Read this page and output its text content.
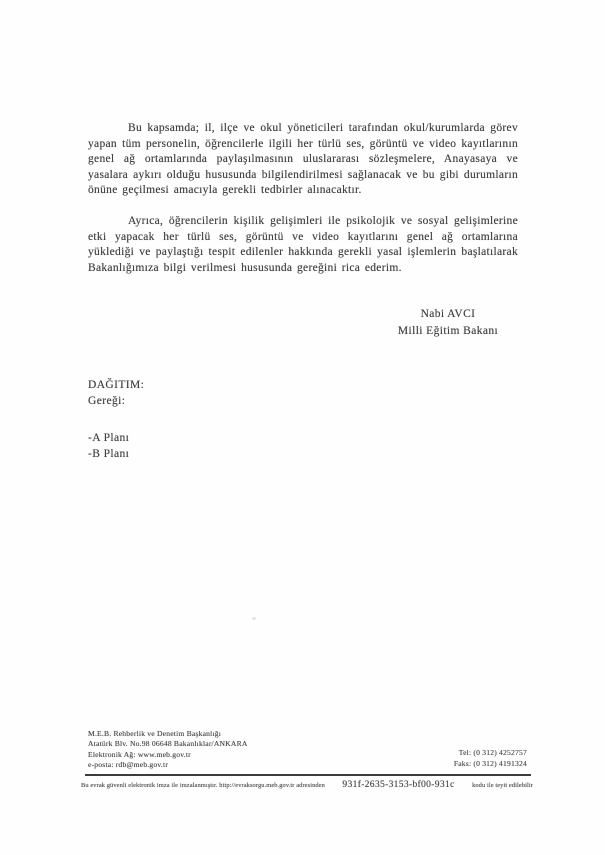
Bu kapsamda; il, ilçe ve okul yöneticileri tarafından okul/kurumlarda görev yapan tüm personelin, öğrencilerle ilgili her türlü ses, görüntü ve video kayıtlarının genel ağ ortamlarında paylaşılmasının uluslararası sözleşmelere, Anayasaya ve yasalara aykırı olduğu hususunda bilgilendirilmesi sağlanacak ve bu gibi durumların önüne geçilmesi amacıyla gerekli tedbirler alınacaktır.

Ayrıca, öğrencilerin kişilik gelişimleri ile psikolojik ve sosyal gelişimlerine etki yapacak her türlü ses, görüntü ve video kayıtlarını genel ağ ortamlarına yüklediği ve paylaştığı tespit edilenler hakkında gerekli yasal işlemlerin başlatılarak Bakanlığımıza bilgi verilmesi hususunda gereğini rica ederim.

Nabi AVCI
Milli Eğitim Bakanı
DAĞITIM:
Gereği:
-A Planı
-B Planı
M.E.B. Rehberlik ve Denetim Başkanlığı
Atatürk Blv. No.98 06648 Bakanlıklar/ANKARA
Elektronik Ağ: www.meb.gov.tr
e-posta: rdb@meb.gov.tr
Tel: (0 312) 4252757
Faks: (0 312) 4191324
Bu evrak güvenli elektronik imza ile imzalanmıştır. http://evraksorgu.meb.gov.tr adresinden 931f-2635-3153-bf00-931c	kodu ile teyit edilebilir
